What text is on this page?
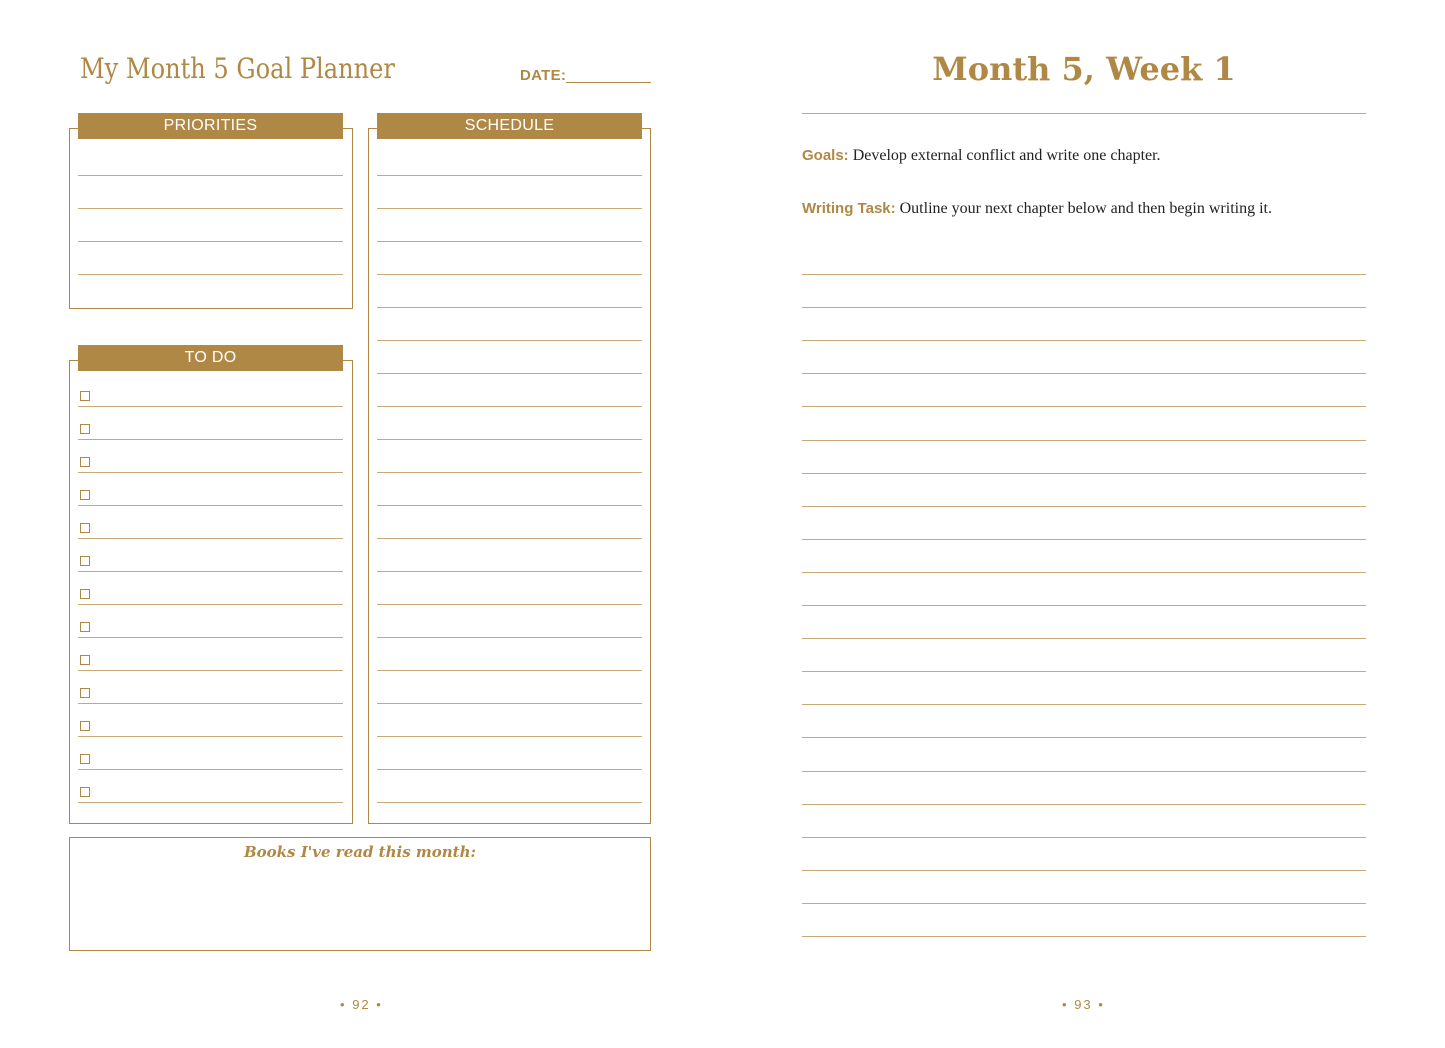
My Month 5 Goal Planner	DATE:
PRIORITIES
TO DO
SCHEDULE
Books I've read this month:
• 92 •
Month 5, Week 1
Goals: Develop external conflict and write one chapter.
Writing Task: Outline your next chapter below and then begin writing it.
• 93 •
